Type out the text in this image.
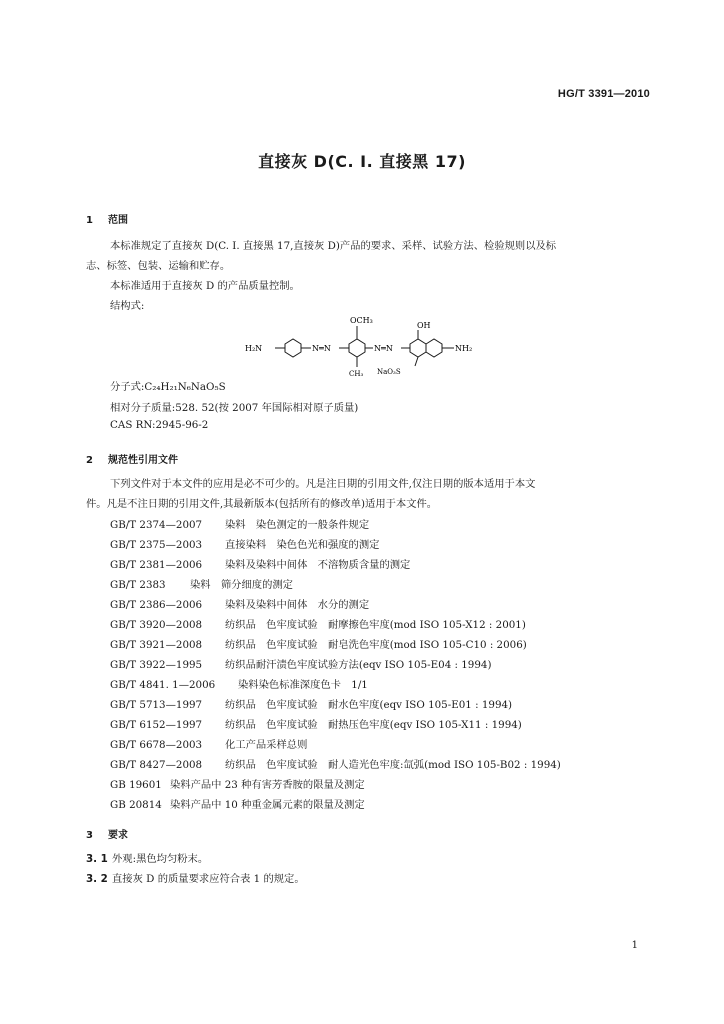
HG/T 3391—2010
直接灰 D(C. I. 直接黑 17)
1 范围
本标准规定了直接灰 D(C. I. 直接黑 17,直接灰 D)产品的要求、采样、试验方法、检验规则以及标
志、标签、包装、运输和贮存。
本标准适用于直接灰 D 的产品质量控制。
结构式:
H₂N	N═N	N═N
OCH₃
CH₃
OH
NaO₃S
NH₂
分子式:C₂₄H₂₁N₆NaO₅S
相对分子质量:528. 52(按 2007 年国际相对原子质量)
CAS RN:2945-96-2
2 规范性引用文件
下列文件对于本文件的应用是必不可少的。凡是注日期的引用文件,仅注日期的版本适用于本文
件。凡是不注日期的引用文件,其最新版本(包括所有的修改单)适用于本文件。
GB/T 2374—2007 染料　染色测定的一般条件规定
GB/T 2375—2003 直接染料　染色色光和强度的测定
GB/T 2381—2006 染料及染料中间体　不溶物质含量的测定
GB/T 2383 染料　筛分细度的测定
GB/T 2386—2006 染料及染料中间体　水分的测定
GB/T 3920—2008 纺织品　色牢度试验　耐摩擦色牢度(mod ISO 105-X12 : 2001)
GB/T 3921—2008 纺织品　色牢度试验　耐皂洗色牢度(mod ISO 105-C10 : 2006)
GB/T 3922—1995 纺织品耐汗渍色牢度试验方法(eqv ISO 105-E04 : 1994)
GB/T 4841. 1—2006 染料染色标准深度色卡　1/1
GB/T 5713—1997 纺织品　色牢度试验　耐水色牢度(eqv ISO 105-E01 : 1994)
GB/T 6152—1997 纺织品　色牢度试验　耐热压色牢度(eqv ISO 105-X11 : 1994)
GB/T 6678—2003 化工产品采样总则
GB/T 8427—2008 纺织品　色牢度试验　耐人造光色牢度:氙弧(mod ISO 105-B02 : 1994)
GB 19601 染料产品中 23 种有害芳香胺的限量及测定
GB 20814 染料产品中 10 种重金属元素的限量及测定
3 要求
3. 1 外观:黑色均匀粉末。
3. 2 直接灰 D 的质量要求应符合表 1 的规定。
1
